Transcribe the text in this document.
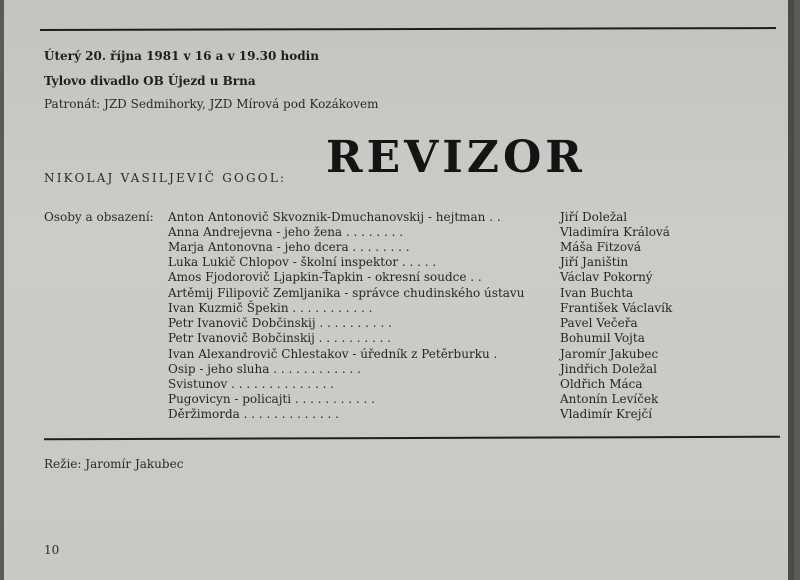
Úterý 20. října 1981 v 16 a v 19.30 hodin
Tylovo divadlo OB Újezd u Brna
Patronát: JZD Sedmihorky, JZD Mírová pod Kozákovem
NIKOLAJ VASILJEVIČ GOGOL: REVIZOR
Osoby a obsazení: Anton Antonovič Skvoznik-Dmuchanovskij - hejtman . .	Jiří Doležal
Anna Andrejevna - jeho žena . . . . . . . .	Vladimíra Králová
Marja Antonovna - jeho dcera . . . . . . . .	Máša Fitzová
Luka Lukič Chlopov - školní inspektor . . . . .	Jiří Janištin
Amos Fjodorovič Ljapkin-Ťapkin - okresní soudce . .	Václav Pokorný
Artěmij Filipovič Zemljanika - správce chudinského ústavu	Ivan Buchta
Ivan Kuzmič Špekin . . . . . . . . . . .	František Václavík
Petr Ivanovič Dobčinskij . . . . . . . . . .	Pavel Večeřa
Petr Ivanovič Bobčinskij . . . . . . . . . .	Bohumil Vojta
Ivan Alexandrovič Chlestakov - úředník z Petěrburku .	Jaromír Jakubec
Osip - jeho sluha . . . . . . . . . . . .	Jindřich Doležal
Svistunov . . . . . . . . . . . . . .	Oldřich Máca
Pugovicyn - policajti . . . . . . . . . . .	Antonín Levíček
Děržimorda . . . . . . . . . . . . .	Vladimír Krejčí
Režie: Jaromír Jakubec
10
